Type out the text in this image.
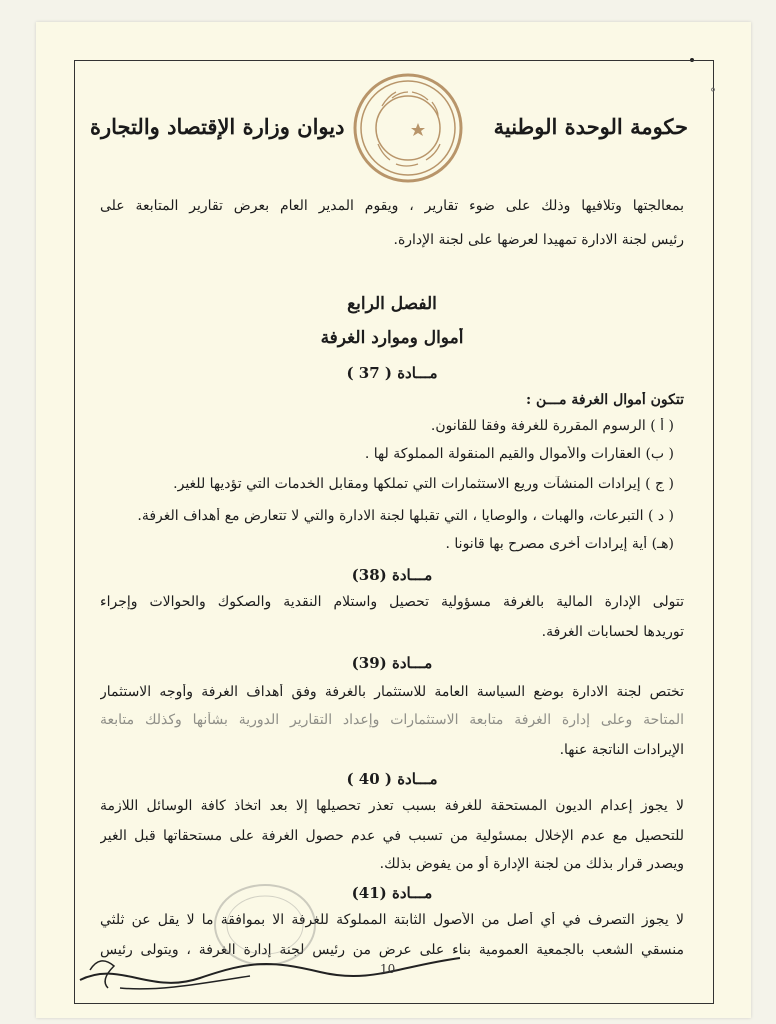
حكومة الوحدة الوطنية
ديوان وزارة الإقتصاد والتجارة
°
بمعالجتها وتلافيها وذلك على ضوء تقارير ، ويقوم المدير العام بعرض تقارير المتابعة على
رئيس لجنة الادارة تمهيدا لعرضها على لجنة الإدارة.
الفصل الرابع
أموال وموارد الغرفة
مـــادة ( 37 )
تتكون أموال الغرفة مـــن :
( أ ) الرسوم المقررة للغرفة وفقا للقانون.
( ب) العقارات والأموال والقيم المنقولة المملوكة لها .
( ج ) إيرادات المنشآت وريع الاستثمارات التي تملكها ومقابل الخدمات التي تؤديها للغير.
( د ) التبرعات، والهبات ، والوصايا ، التي تقبلها لجنة الادارة والتي لا تتعارض مع أهداف الغرفة.
(هـ) أية إيرادات أخرى مصرح بها قانونا .
مـــادة (38)
تتولى الإدارة المالية بالغرفة مسؤولية تحصيل واستلام النقدية والصكوك والحوالات وإجراء
توريدها لحسابات الغرفة.
مـــادة (39)
تختص لجنة الادارة بوضع السياسة العامة للاستثمار بالغرفة وفق أهداف الغرفة وأوجه الاستثمار
المتاحة وعلى إدارة الغرفة متابعة الاستثمارات وإعداد التقارير الدورية بشأنها وكذلك متابعة
الإيرادات الناتجة عنها.
مـــادة ( 40 )
لا يجوز إعدام الديون المستحقة للغرفة بسبب تعذر تحصيلها إلا بعد اتخاذ كافة الوسائل اللازمة
للتحصيل مع عدم الإخلال بمسئولية من تسبب في عدم حصول الغرفة على مستحقاتها قبل الغير
ويصدر قرار بذلك من لجنة الإدارة أو من يفوض بذلك.
مـــادة (41)
لا يجوز التصرف في أي أصل من الأصول الثابتة المملوكة للغرفة الا بموافقة ما لا يقل عن ثلثي
منسقي الشعب بالجمعية العمومية بناء على عرض من رئيس لجنة إدارة الغرفة ، ويتولى رئيس
10
